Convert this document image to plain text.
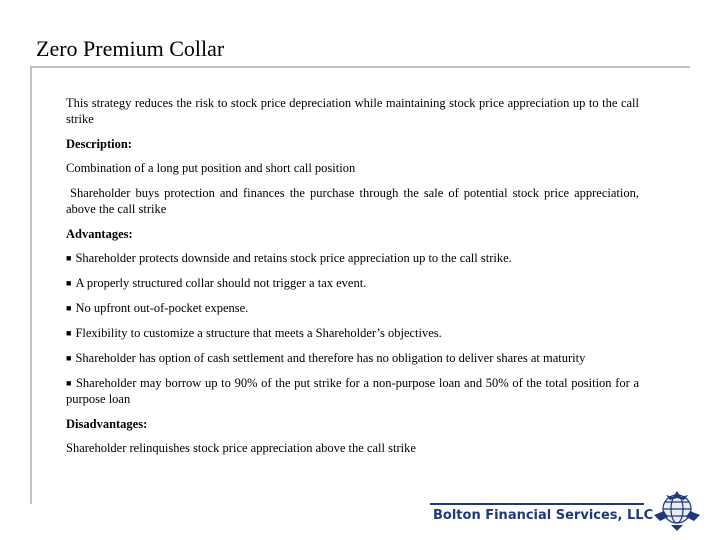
Zero Premium Collar

This strategy reduces the risk to stock price depreciation while maintaining stock price appreciation up to the call strike

Description:

Combination of a long put position and short call position

Shareholder buys protection and finances the purchase through the sale of potential stock price appreciation, above the call strike

Advantages:

■ Shareholder protects downside and retains stock price appreciation up to the call strike.

■ A properly structured collar should not trigger a tax event.

■ No upfront out-of-pocket expense.

■ Flexibility to customize a structure that meets a Shareholder’s objectives.

■ Shareholder has option of cash settlement and therefore has no obligation to deliver shares at maturity

■ Shareholder may borrow up to 90% of the put strike for a non-purpose loan and 50% of the total position for a purpose loan

Disadvantages:

Shareholder relinquishes stock price appreciation above the call strike

Bolton Financial Services, LLC
